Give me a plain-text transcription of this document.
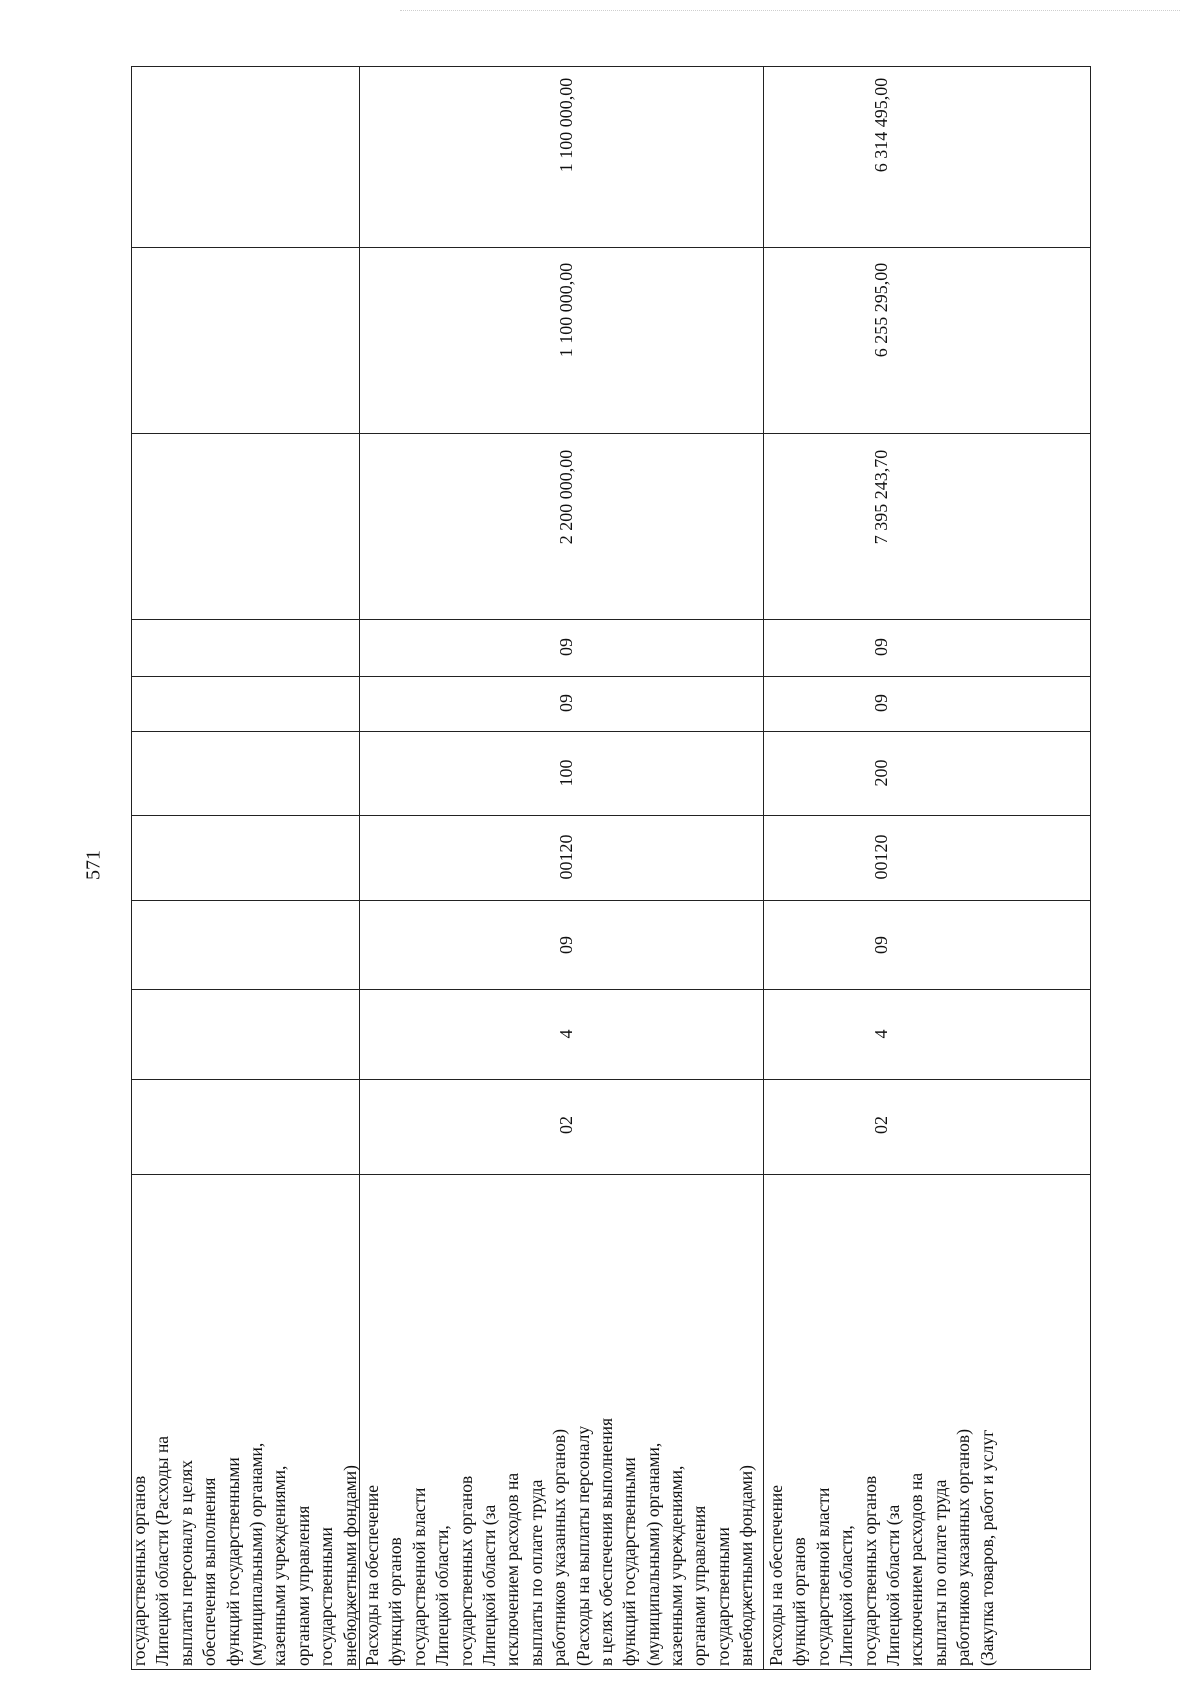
571
государственных органов Липецкой области (Расходы на выплаты персоналу в целях обеспечения выполнения функций государственными (муниципальными) органами, казенными учреждениями, органами управления государственными внебюджетными фондами) Расходы на обеспечение функций органов государственной власти Липецкой области, государственных органов Липецкой области (за исключением расходов на выплаты по оплате труда работников указанных органов) (Расходы на выплаты персоналу в целях обеспечения выполнения функций государственными (муниципальными) органами, казенными учреждениями, органами управления государственными внебюджетными фондами) Расходы на обеспечение функций органов государственной власти Липецкой области, государственных органов Липецкой области (за исключением расходов на выплаты по оплате труда работников указанных органов) (Закупка товаров, работ и услуг
02
4
09
00120
100
09
09
2 200 000,00
1 100 000,00
1 100 000,00
02
4
09
00120
200
09
09
7 395 243,70
6 255 295,00
6 314 495,00
